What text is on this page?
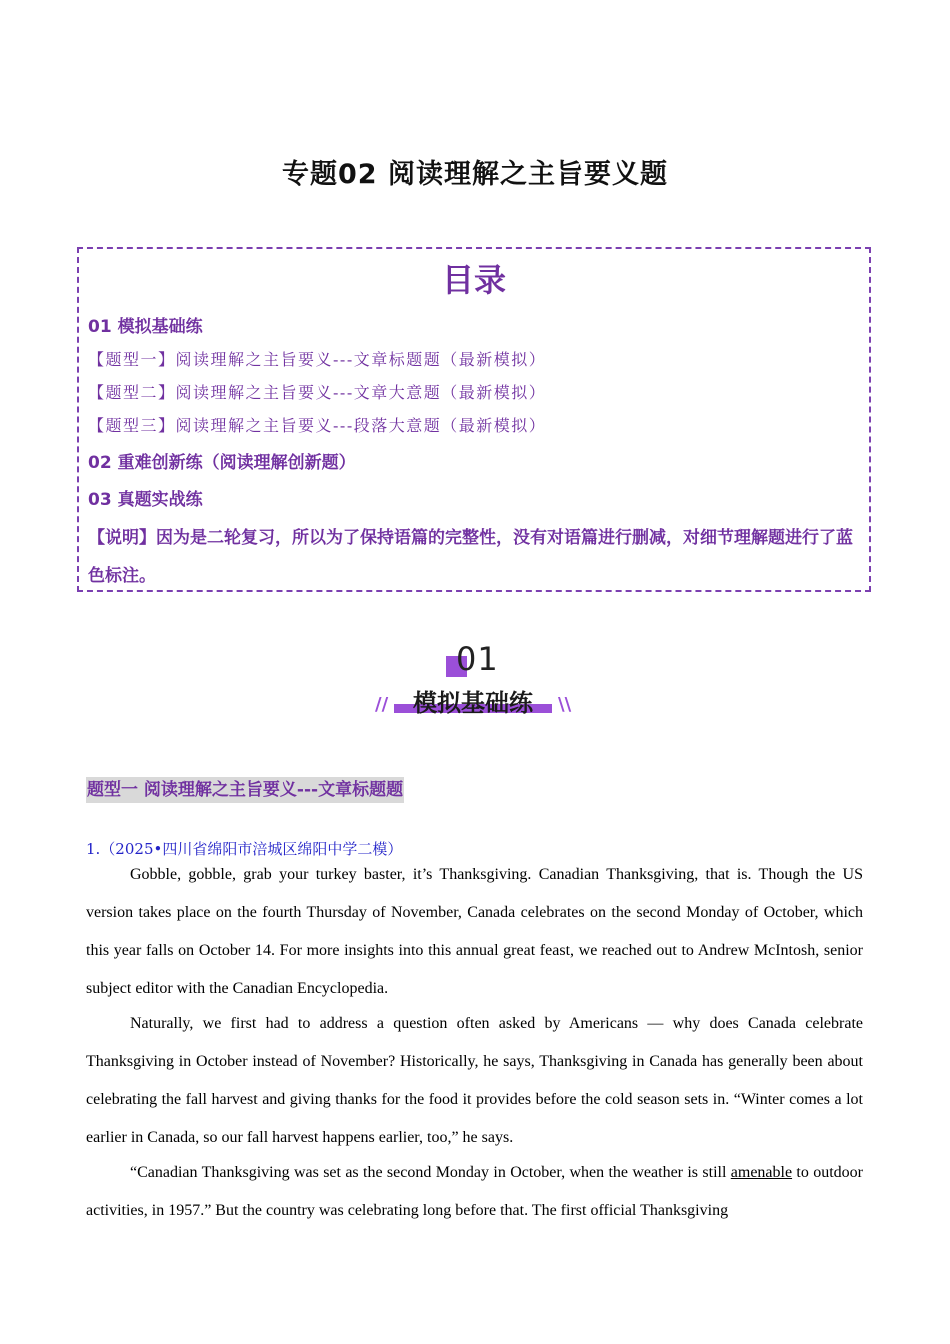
专题02 阅读理解之主旨要义题
目录
01 模拟基础练
【题型一】阅读理解之主旨要义---文章标题题（最新模拟）
【题型二】阅读理解之主旨要义---文章大意题（最新模拟）
【题型三】阅读理解之主旨要义---段落大意题（最新模拟）
02 重难创新练（阅读理解创新题）
03 真题实战练
【说明】因为是二轮复习，所以为了保持语篇的完整性，没有对语篇进行删减，对细节理解题进行了蓝色标注。
01
//	模拟基础练	\\
题型一 阅读理解之主旨要义---文章标题题
1.（2025•四川省绵阳市涪城区绵阳中学二模）

Gobble, gobble, grab your turkey baster, it’s Thanksgiving. Canadian Thanksgiving, that is. Though the US version takes place on the fourth Thursday of November, Canada celebrates on the second Monday of October, which this year falls on October 14. For more insights into this annual great feast, we reached out to Andrew McIntosh, senior subject editor with the Canadian Encyclopedia.

Naturally, we first had to address a question often asked by Americans — why does Canada celebrate Thanksgiving in October instead of November? Historically, he says, Thanksgiving in Canada has generally been about celebrating the fall harvest and giving thanks for the food it provides before the cold season sets in. “Winter comes a lot earlier in Canada, so our fall harvest happens earlier, too,” he says.

“Canadian Thanksgiving was set as the second Monday in October, when the weather is still amenable to outdoor activities, in 1957.” But the country was celebrating long before that. The first official Thanksgiving
